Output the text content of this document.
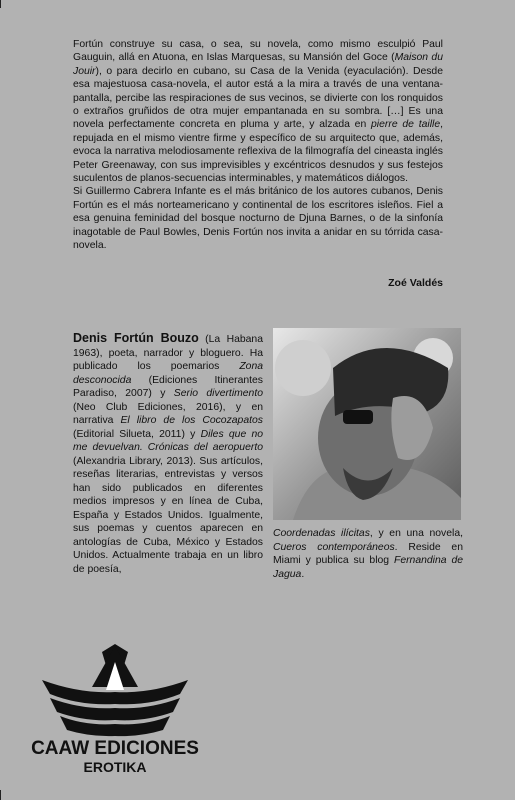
Fortún construye su casa, o sea, su novela, como mismo esculpió Paul Gauguin, allá en Atuona, en Islas Marquesas, su Mansión del Goce (Maison du Jouir), o para decirlo en cubano, su Casa de la Venida (eyaculación). Desde esa majestuosa casa-novela, el autor está a la mira a través de una ventana-pantalla, percibe las respiraciones de sus vecinos, se divierte con los ronquidos o extraños gruñidos de otra mujer empantanada en su sombra. […] Es una novela perfectamente concreta en pluma y arte, y alzada en pierre de taille, repujada en el mismo vientre firme y específico de su arquitecto que, además, evoca la narrativa melodiosamente reflexiva de la filmografía del cineasta inglés Peter Greenaway, con sus imprevisibles y excéntricos desnudos y sus festejos suculentos de planos-secuencias interminables, y matemáticos diálogos.

Si Guillermo Cabrera Infante es el más británico de los autores cubanos, Denis Fortún es el más norteamericano y continental de los escritores isleños. Fiel a esa genuina feminidad del bosque nocturno de Djuna Barnes, o de la sinfonía inagotable de Paul Bowles, Denis Fortún nos invita a anidar en su tórrida casa-novela.

Zoé Valdés
Denis Fortún Bouzo (La Habana 1963), poeta, narrador y bloguero. Ha publicado los poemarios Zona desconocida (Ediciones Itinerantes Paradiso, 2007) y Serio divertimento (Neo Club Ediciones, 2016), y en narrativa El libro de los Cocozapatos (Editorial Silueta, 2011) y Diles que no me devuelvan. Crónicas del aeropuerto (Alexandria Library, 2013). Sus artículos, reseñas literarias, entrevistas y versos han sido publicados en diferentes medios impresos y en línea de Cuba, España y Estados Unidos. Igualmente, sus poemas y cuentos aparecen en antologías de Cuba, México y Estados Unidos. Actualmente trabaja en un libro de poesía,
Coordenadas ilícitas, y en una novela, Cueros contemporáneos. Reside en Miami y publica su blog Fernandina de Jagua.
CAAW EDICIONES
EROTIKA
